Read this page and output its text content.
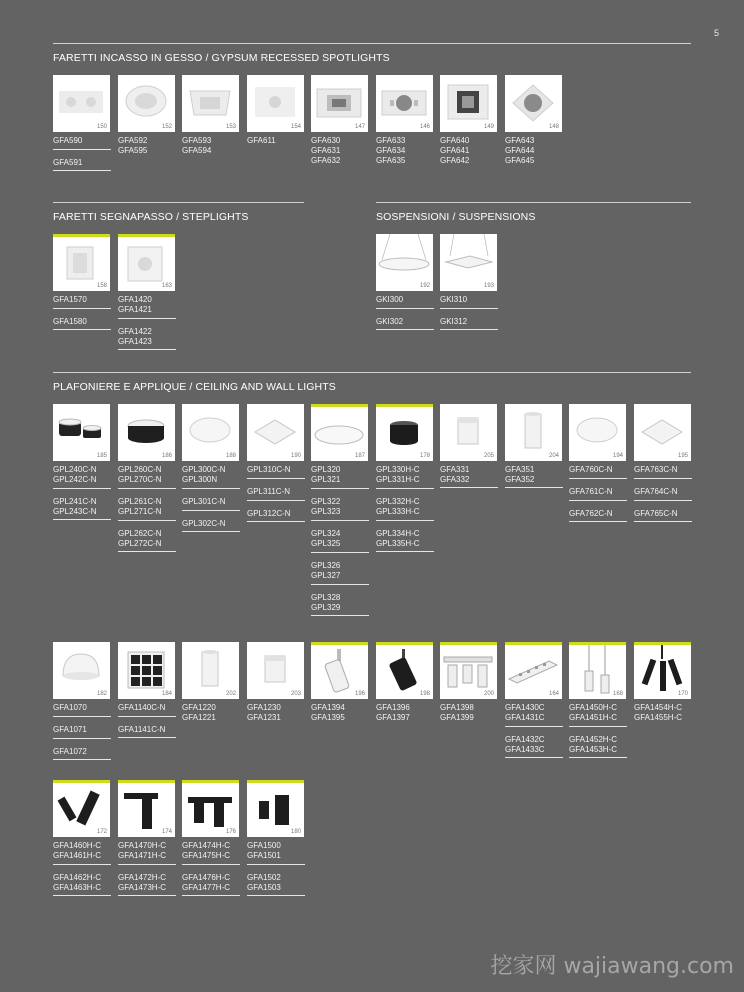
5
FARETTI INCASSO IN GESSO / GYPSUM RECESSED SPOTLIGHTS
150
GFA590
GFA591
152
GFA592
GFA595
153
GFA593
GFA594
154
GFA611
147
GFA630
GFA631
GFA632
146
GFA633
GFA634
GFA635
149
GFA640
GFA641
GFA642
148
GFA643
GFA644
GFA645
FARETTI SEGNAPASSO / STEPLIGHTS
158
GFA1570
GFA1580
163
GFA1420
GFA1421
GFA1422
GFA1423
SOSPENSIONI / SUSPENSIONS
192
GKI300
GKI302
193
GKI310
GKI312
PLAFONIERE E APPLIQUE / CEILING AND WALL LIGHTS
185
GPL240C-N
GPL242C-N
GPL241C-N
GPL243C-N
186
GPL260C-N
GPL270C-N
GPL261C-N
GPL271C-N
GPL262C-N
GPL272C-N
188
GPL300C-N
GPL300N
GPL301C-N
GPL302C-N
190
GPL310C-N
GPL311C-N
GPL312C-N
187
GPL320
GPL321
GPL322
GPL323
GPL324
GPL325
GPL326
GPL327
GPL328
GPL329
178
GPL330H-C
GPL331H-C
GPL332H-C
GPL333H-C
GPL334H-C
GPL335H-C
205
GFA331
GFA332
204
GFA351
GFA352
194
GFA760C-N
GFA761C-N
GFA762C-N
195
GFA763C-N
GFA764C-N
GFA765C-N
182
GFA1070
GFA1071
GFA1072
184
GFA1140C-N
GFA1141C-N
202
GFA1220
GFA1221
203
GFA1230
GFA1231
196
GFA1394
GFA1395
198
GFA1396
GFA1397
200
GFA1398
GFA1399
164
GFA1430C
GFA1431C
GFA1432C
GFA1433C
168
GFA1450H-C
GFA1451H-C
GFA1452H-C
GFA1453H-C
170
GFA1454H-C
GFA1455H-C
172
GFA1460H-C
GFA1461H-C
GFA1462H-C
GFA1463H-C
174
GFA1470H-C
GFA1471H-C
GFA1472H-C
GFA1473H-C
176
GFA1474H-C
GFA1475H-C
GFA1476H-C
GFA1477H-C
180
GFA1500
GFA1501
GFA1502
GFA1503
挖家网 wajiawang.com
